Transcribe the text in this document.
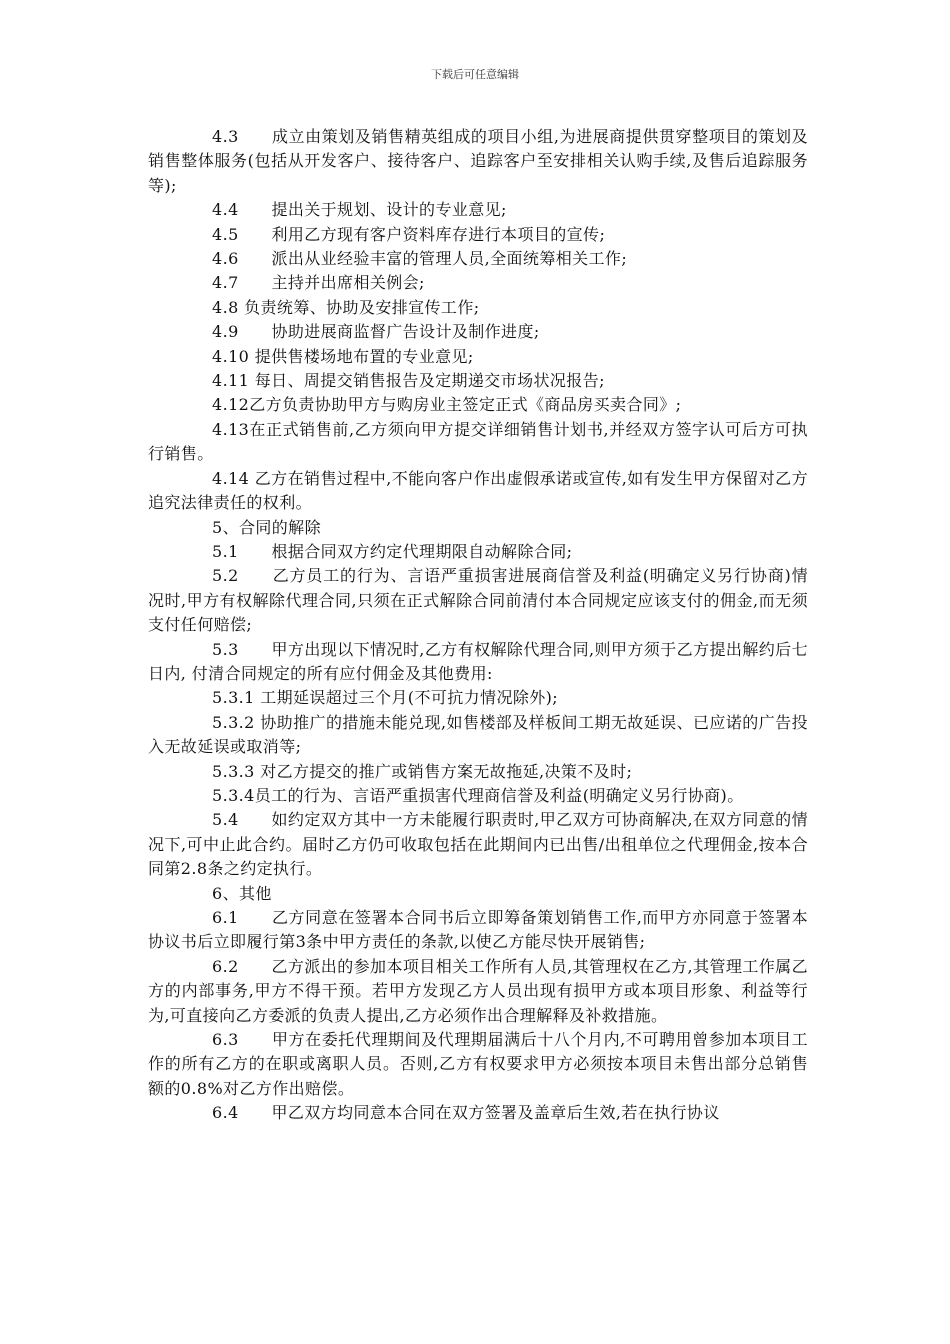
下载后可任意编辑

4.3　　成立由策划及销售精英组成的项目小组,为进展商提供贯穿整项目的策划及销售整体服务(包括从开发客户、接待客户、追踪客户至安排相关认购手续,及售后追踪服务等);

4.4　　提出关于规划、设计的专业意见;

4.5　　利用乙方现有客户资料库存进行本项目的宣传;

4.6　　派出从业经验丰富的管理人员,全面统筹相关工作;

4.7　　主持并出席相关例会;

4.8 负责统筹、协助及安排宣传工作;

4.9　　协助进展商监督广告设计及制作进度;

4.10 提供售楼场地布置的专业意见;

4.11 每日、周提交销售报告及定期递交市场状况报告;

4.12乙方负责协助甲方与购房业主签定正式《商品房买卖合同》;

4.13在正式销售前,乙方须向甲方提交详细销售计划书,并经双方签字认可后方可执行销售。

4.14 乙方在销售过程中,不能向客户作出虚假承诺或宣传,如有发生甲方保留对乙方追究法律责任的权利。

5、合同的解除

5.1　　根据合同双方约定代理期限自动解除合同;

5.2　　乙方员工的行为、言语严重损害进展商信誉及利益(明确定义另行协商)情况时,甲方有权解除代理合同,只须在正式解除合同前清付本合同规定应该支付的佣金,而无须支付任何赔偿;

5.3　　甲方出现以下情况时,乙方有权解除代理合同,则甲方须于乙方提出解约后七日内, 付清合同规定的所有应付佣金及其他费用:

5.3.1 工期延误超过三个月(不可抗力情况除外);

5.3.2 协助推广的措施未能兑现,如售楼部及样板间工期无故延误、已应诺的广告投入无故延误或取消等;

5.3.3 对乙方提交的推广或销售方案无故拖延,决策不及时;

5.3.4员工的行为、言语严重损害代理商信誉及利益(明确定义另行协商)。

5.4　　如约定双方其中一方未能履行职责时,甲乙双方可协商解决,在双方同意的情况下,可中止此合约。届时乙方仍可收取包括在此期间内已出售/出租单位之代理佣金,按本合同第2.8条之约定执行。

6、其他

6.1　　乙方同意在签署本合同书后立即筹备策划销售工作,而甲方亦同意于签署本协议书后立即履行第3条中甲方责任的条款,以使乙方能尽快开展销售;

6.2　　乙方派出的参加本项目相关工作所有人员,其管理权在乙方,其管理工作属乙方的内部事务,甲方不得干预。若甲方发现乙方人员出现有损甲方或本项目形象、利益等行为,可直接向乙方委派的负责人提出,乙方必须作出合理解释及补救措施。

6.3　　甲方在委托代理期间及代理期届满后十八个月内,不可聘用曾参加本项目工作的所有乙方的在职或离职人员。否则,乙方有权要求甲方必须按本项目未售出部分总销售额的0.8%对乙方作出赔偿。

6.4　　甲乙双方均同意本合同在双方签署及盖章后生效,若在执行协议
